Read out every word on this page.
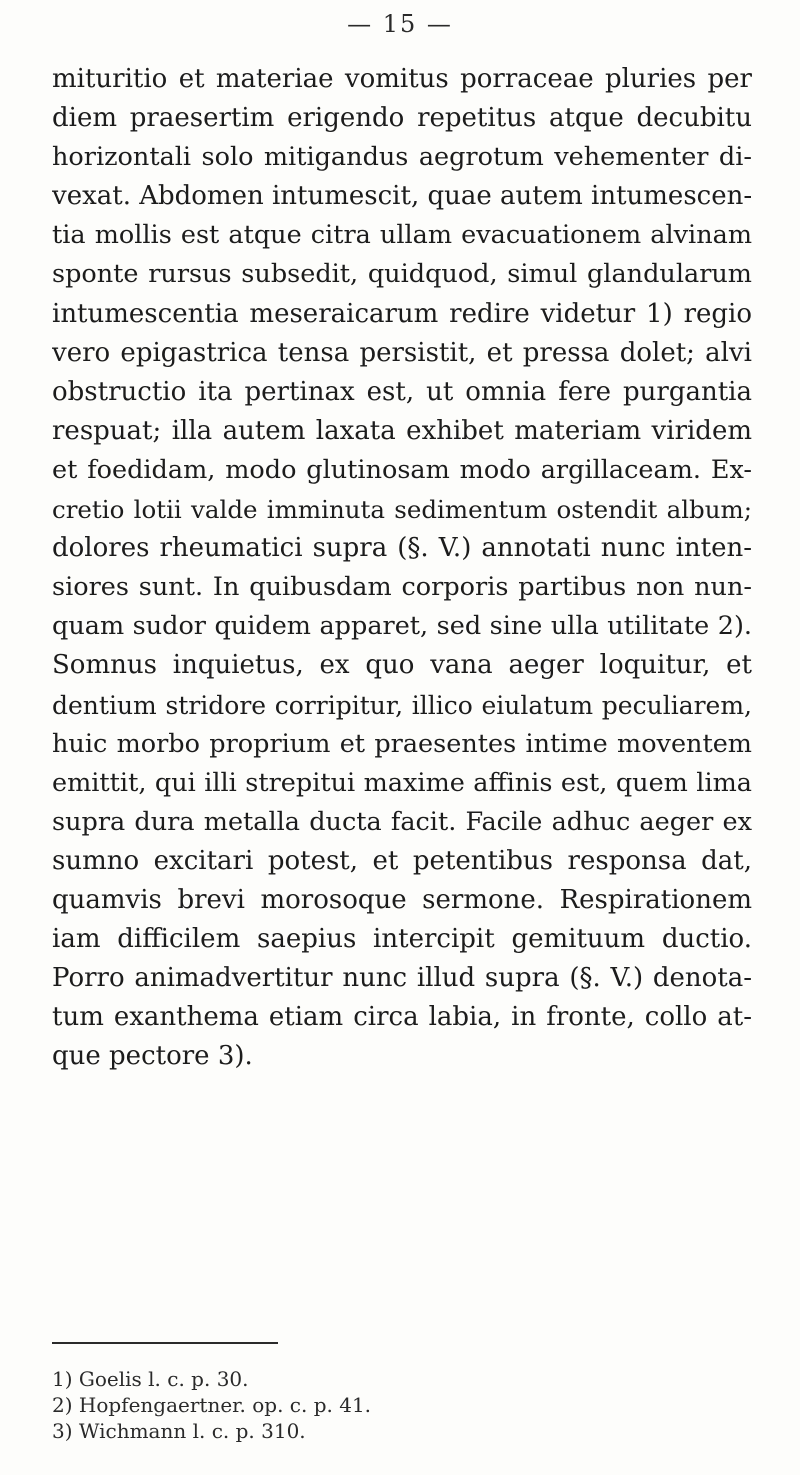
— 15 —
mituritio et materiae vomitus porraceae pluries per
diem praesertim erigendo repetitus atque decubitu
horizontali solo mitigandus aegrotum vehementer di-
vexat. Abdomen intumescit, quae autem intumescen-
tia mollis est atque citra ullam evacuationem alvinam
sponte rursus subsedit, quidquod, simul glandularum
intumescentia meseraicarum redire videtur 1) regio
vero epigastrica tensa persistit, et pressa dolet; alvi
obstructio ita pertinax est, ut omnia fere purgantia
respuat; illa autem laxata exhibet materiam viridem
et foedidam, modo glutinosam modo argillaceam. Ex-
cretio lotii valde imminuta sedimentum ostendit album;
dolores rheumatici supra (§. V.) annotati nunc inten-
siores sunt. In quibusdam corporis partibus non nun-
quam sudor quidem apparet, sed sine ulla utilitate 2).
Somnus inquietus, ex quo vana aeger loquitur, et
dentium stridore corripitur, illico eiulatum peculiarem,
huic morbo proprium et praesentes intime moventem
emittit, qui illi strepitui maxime affinis est, quem lima
supra dura metalla ducta facit. Facile adhuc aeger ex
sumno excitari potest, et petentibus responsa dat,
quamvis brevi morosoque sermone. Respirationem
iam difficilem saepius intercipit gemituum ductio.
Porro animadvertitur nunc illud supra (§. V.) denota-
tum exanthema etiam circa labia, in fronte, collo at-
que pectore 3).
1) Goelis l. c. p. 30.
2) Hopfengaertner. op. c. p. 41.
3) Wichmann l. c. p. 310.
